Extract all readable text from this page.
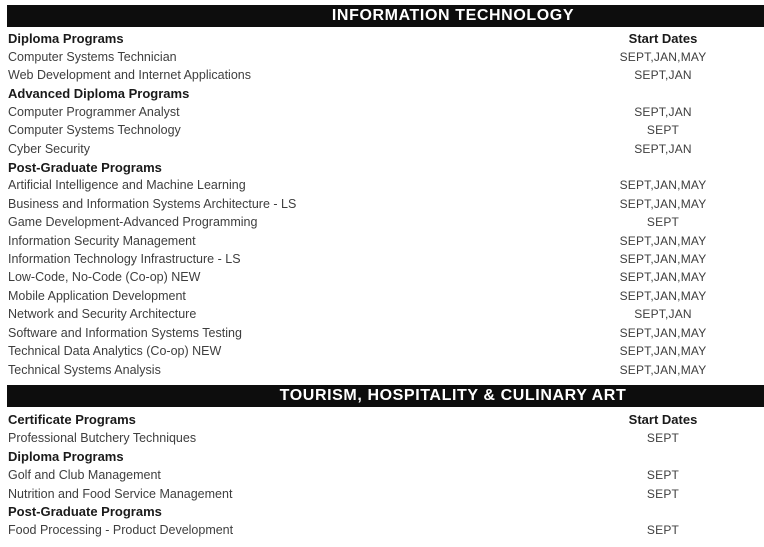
INFORMATION TECHNOLOGY
Diploma Programs	Start Dates
Computer Systems Technician	SEPT,JAN,MAY
Web Development and Internet Applications	SEPT,JAN
Advanced Diploma Programs
Computer Programmer Analyst	SEPT,JAN
Computer Systems Technology	SEPT
Cyber Security	SEPT,JAN
Post-Graduate Programs
Artificial Intelligence and Machine Learning	SEPT,JAN,MAY
Business and Information Systems Architecture - LS	SEPT,JAN,MAY
Game Development-Advanced Programming	SEPT
Information Security Management	SEPT,JAN,MAY
Information Technology Infrastructure - LS	SEPT,JAN,MAY
Low-Code, No-Code (Co-op) NEW	SEPT,JAN,MAY
Mobile Application Development	SEPT,JAN,MAY
Network and Security Architecture	SEPT,JAN
Software and Information Systems Testing	SEPT,JAN,MAY
Technical Data Analytics (Co-op) NEW	SEPT,JAN,MAY
Technical Systems Analysis	SEPT,JAN,MAY
TOURISM, HOSPITALITY & CULINARY ART
Certificate Programs	Start Dates
Professional Butchery Techniques	SEPT
Diploma Programs
Golf and Club Management	SEPT
Nutrition and Food Service Management	SEPT
Post-Graduate Programs
Food Processing - Product Development	SEPT
